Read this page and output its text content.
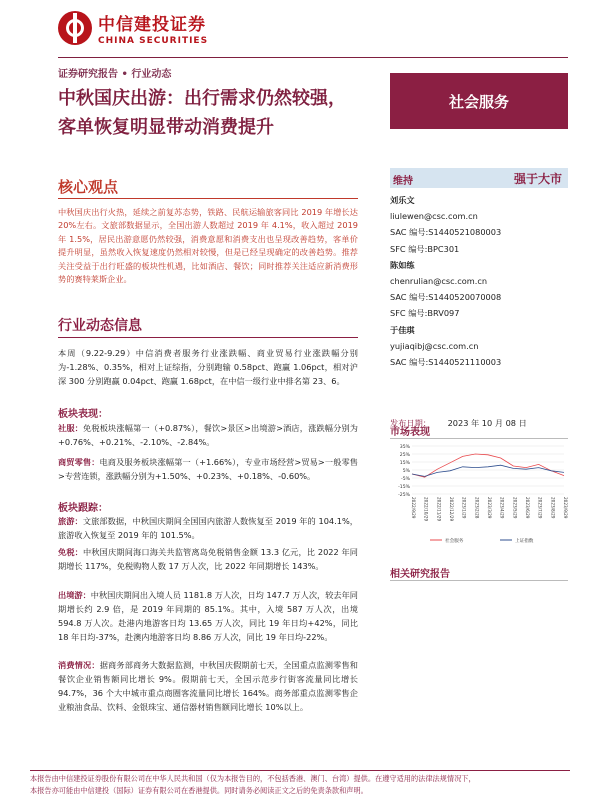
中信建投证券
CHINA SECURITIES
证券研究报告 • 行业动态
中秋国庆出游：出行需求仍然较强，客单恢复明显带动消费提升
社会服务
核心观点
中秋国庆出行火热，延续之前复苏态势，铁路、民航运输旅客同比 2019 年增长达 20%左右。文旅部数据显示，全国出游人数超过 2019 年 4.1%，收入超过 2019 年 1.5%，居民出游意愿仍然较强，消费意愿和消费支出也呈现改善趋势，客单价提升明显，虽然收入恢复速度仍然相对较慢，但是已经呈现确定的改善趋势。推荐关注受益于出行旺盛的板块性机遇，比如酒店、餐饮；同时推荐关注适应新消费形势的赛特莱斯企业。
行业动态信息
本周（9.22-9.29）中信消费者服务行业涨跌幅、商业贸易行业涨跌幅分别为-1.28%、0.35%，相对上证综指，分别跑输 0.58pct、跑赢 1.06pct，相对沪深 300 分别跑赢 0.04pct、跑赢 1.68pct，在中信一级行业中排名第 23、6。
板块表现：
社服：免税板块涨幅第一（+0.87%），餐饮>景区>出境游>酒店，涨跌幅分别为+0.76%、+0.21%、-2.10%、-2.84%。
商贸零售：电商及服务板块涨幅第一（+1.66%），专业市场经营>贸易>一般零售>专营连锁，涨跌幅分别为+1.50%、+0.23%、+0.18%、-0.60%。
板块跟踪：
旅游：文旅部数据，中秋国庆期间全国国内旅游人数恢复至 2019 年的 104.1%，旅游收入恢复至 2019 年的 101.5%。
免税：中秋国庆期间海口海关共监管离岛免税销售金额 13.3 亿元，比 2022 年同期增长 117%，免税购物人数 17 万人次，比 2022 年同期增长 143%。
出境游：中秋国庆期间出入境人员 1181.8 万人次，日均 147.7 万人次，较去年同期增长约 2.9 倍，是 2019 年同期的 85.1%。其中，入境 587 万人次，出境 594.8 万人次。赴港内地游客日均 13.65 万人次，同比 19 年日均+42%，同比 18 年日均-37%，赴澳内地游客日均 8.86 万人次，同比 19 年日均-22%。
消费情况：据商务部商务大数据监测，中秋国庆假期前七天，全国重点监测零售和餐饮企业销售额同比增长 9%。假期前七天，全国示范步行街客流量同比增长 94.7%，36 个大中城市重点商圈客流量同比增长 164%。商务部重点监测零售企业粮油食品、饮料、金银珠宝、通信器材销售额同比增长 10%以上。
维持	强于大市
刘乐文
liulewen@csc.com.cn
SAC 编号:S1440521080003
SFC 编号:BPC301
陈如练
chenrulian@csc.com.cn
SAC 编号:S1440520070008
SFC 编号:BRV097
于佳琪
yujiaqibj@csc.com.cn
SAC 编号:S1440521110003
发布日期： 2023 年 10 月 08 日
市场表现
35%
25%
15%
5%
-5%
-15%
-25%
2022/9/29 2022/10/29 2022/11/29 2022/12/29 2023/1/29 2023/2/28 2023/3/29 2023/4/29 2023/5/29 2023/6/29 2023/7/29 2023/8/29 2023/9/29
社会服务	上证指数
相关研究报告
本报告由中信建投证券股份有限公司在中华人民共和国（仅为本报告目的，不包括香港、澳门、台湾）提供。在遵守适用的法律法规情况下，
本报告亦可能由中信建投（国际）证券有限公司在香港提供。同时请务必阅读正文之后的免责条款和声明。
